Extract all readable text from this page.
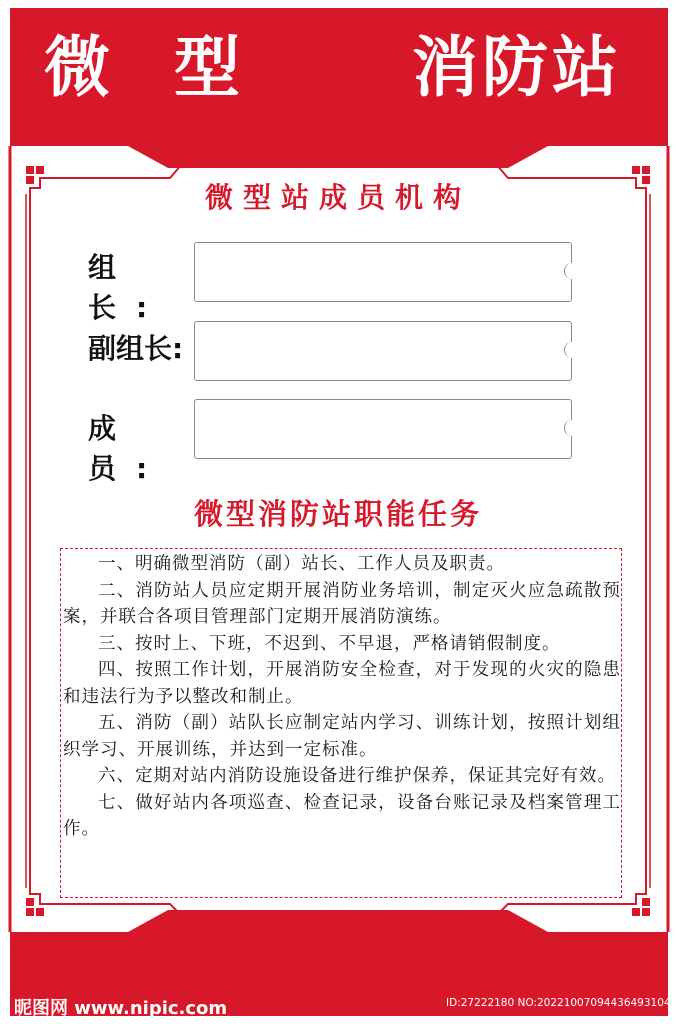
微型 消防站
微型站成员机构
组长:
副组长:
成员:
微型消防站职能任务

一、明确微型消防（副）站长、工作人员及职责。

二、消防站人员应定期开展消防业务培训，制定灭火应急疏散预案，并联合各项目管理部门定期开展消防演练。

三、按时上、下班，不迟到、不早退，严格请销假制度。

四、按照工作计划，开展消防安全检查，对于发现的火灾的隐患和违法行为予以整改和制止。

五、消防（副）站队长应制定站内学习、训练计划，按照计划组织学习、开展训练，并达到一定标准。

六、定期对站内消防设施设备进行维护保养，保证其完好有效。

七、做好站内各项巡查、检查记录，设备台账记录及档案管理工作。

昵图网 www.nipic.com	ID:27222180 NO:20221007094436493104
